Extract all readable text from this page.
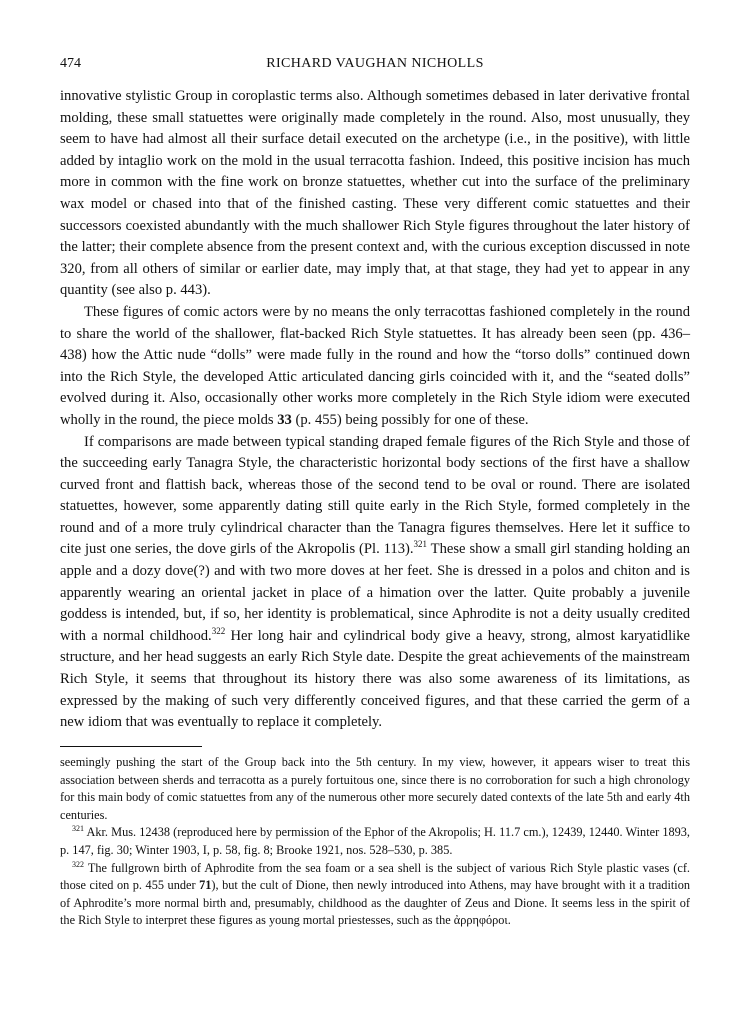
474	RICHARD VAUGHAN NICHOLLS

innovative stylistic Group in coroplastic terms also. Although sometimes debased in later derivative frontal molding, these small statuettes were originally made completely in the round. Also, most unusually, they seem to have had almost all their surface detail executed on the archetype (i.e., in the positive), with little added by intaglio work on the mold in the usual terracotta fashion. Indeed, this positive incision has much more in common with the fine work on bronze statuettes, whether cut into the surface of the preliminary wax model or chased into that of the finished casting. These very different comic statuettes and their successors coexisted abundantly with the much shallower Rich Style figures throughout the later history of the latter; their complete absence from the present context and, with the curious exception discussed in note 320, from all others of similar or earlier date, may imply that, at that stage, they had yet to appear in any quantity (see also p. 443).

These figures of comic actors were by no means the only terracottas fashioned completely in the round to share the world of the shallower, flat-backed Rich Style statuettes. It has already been seen (pp. 436–438) how the Attic nude “dolls” were made fully in the round and how the “torso dolls” continued down into the Rich Style, the developed Attic articulated dancing girls coincided with it, and the “seated dolls” evolved during it. Also, occasionally other works more completely in the Rich Style idiom were executed wholly in the round, the piece molds 33 (p. 455) being possibly for one of these.

If comparisons are made between typical standing draped female figures of the Rich Style and those of the succeeding early Tanagra Style, the characteristic horizontal body sections of the first have a shallow curved front and flattish back, whereas those of the second tend to be oval or round. There are isolated statuettes, however, some apparently dating still quite early in the Rich Style, formed completely in the round and of a more truly cylindrical character than the Tanagra figures themselves. Here let it suffice to cite just one series, the dove girls of the Akropolis (Pl. 113).$^{321}$ These show a small girl standing holding an apple and a dozy dove(?) and with two more doves at her feet. She is dressed in a polos and chiton and is apparently wearing an oriental jacket in place of a himation over the latter. Quite probably a juvenile goddess is intended, but, if so, her identity is problematical, since Aphrodite is not a deity usually credited with a normal childhood.$^{322}$ Her long hair and cylindrical body give a heavy, strong, almost karyatidlike structure, and her head suggests an early Rich Style date. Despite the great achievements of the mainstream Rich Style, it seems that throughout its history there was also some awareness of its limitations, as expressed by the making of such very differently conceived figures, and that these carried the germ of a new idiom that was eventually to replace it completely.

seemingly pushing the start of the Group back into the 5th century. In my view, however, it appears wiser to treat this association between sherds and terracotta as a purely fortuitous one, since there is no corroboration for such a high chronology for this main body of comic statuettes from any of the numerous other more securely dated contexts of the late 5th and early 4th centuries.

$^{321}$ Akr. Mus. 12438 (reproduced here by permission of the Ephor of the Akropolis; H. 11.7 cm.), 12439, 12440. Winter 1893, p. 147, fig. 30; Winter 1903, I, p. 58, fig. 8; Brooke 1921, nos. 528–530, p. 385.

$^{322}$ The fullgrown birth of Aphrodite from the sea foam or a sea shell is the subject of various Rich Style plastic vases (cf. those cited on p. 455 under 71), but the cult of Dione, then newly introduced into Athens, may have brought with it a tradition of Aphrodite’s more normal birth and, presumably, childhood as the daughter of Zeus and Dione. It seems less in the spirit of the Rich Style to interpret these figures as young mortal priestesses, such as the ἀρρηφόροι.
